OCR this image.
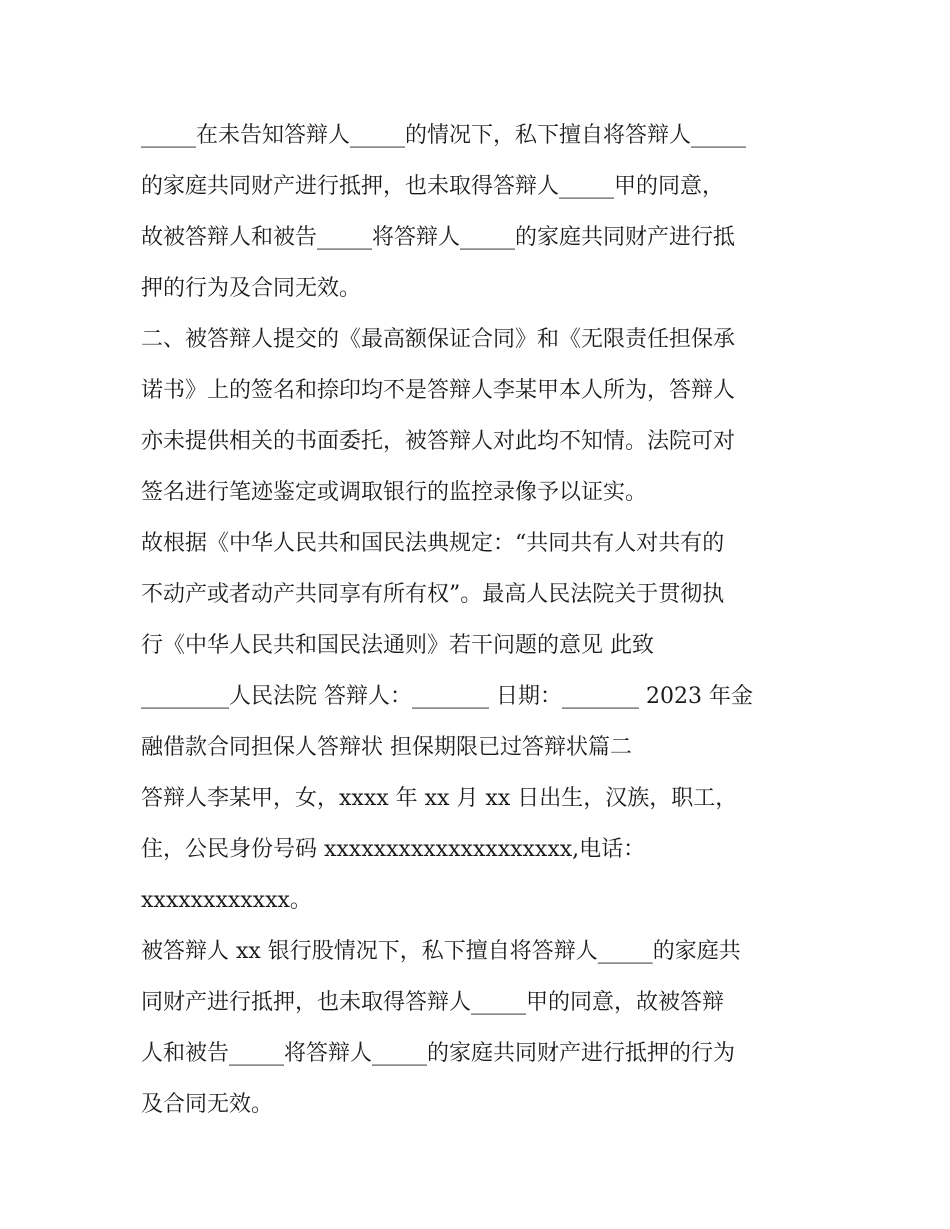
_____在未告知答辩人_____的情况下，私下擅自将答辩人_____
的家庭共同财产进行抵押，也未取得答辩人_____甲的同意，
故被答辩人和被告_____将答辩人_____的家庭共同财产进行抵
押的行为及合同无效。
二、被答辩人提交的《最高额保证合同》和《无限责任担保承
诺书》上的签名和捺印均不是答辩人李某甲本人所为，答辩人
亦未提供相关的书面委托，被答辩人对此均不知情。法院可对
签名进行笔迹鉴定或调取银行的监控录像予以证实。
故根据《中华人民共和国民法典规定：“共同共有人对共有的
不动产或者动产共同享有所有权”。最高人民法院关于贯彻执
行《中华人民共和国民法通则》若干问题的意见 此致
________人民法院 答辩人：_______ 日期：_______ 2023 年金
融借款合同担保人答辩状 担保期限已过答辩状篇二
答辩人李某甲，女，xxxx 年 xx 月 xx 日出生，汉族，职工，
住，公民身份号码 xxxxxxxxxxxxxxxxxxxx,电话：
xxxxxxxxxxxx。
被答辩人 xx 银行股情况下，私下擅自将答辩人_____的家庭共
同财产进行抵押，也未取得答辩人_____甲的同意，故被答辩
人和被告_____将答辩人_____的家庭共同财产进行抵押的行为
及合同无效。
